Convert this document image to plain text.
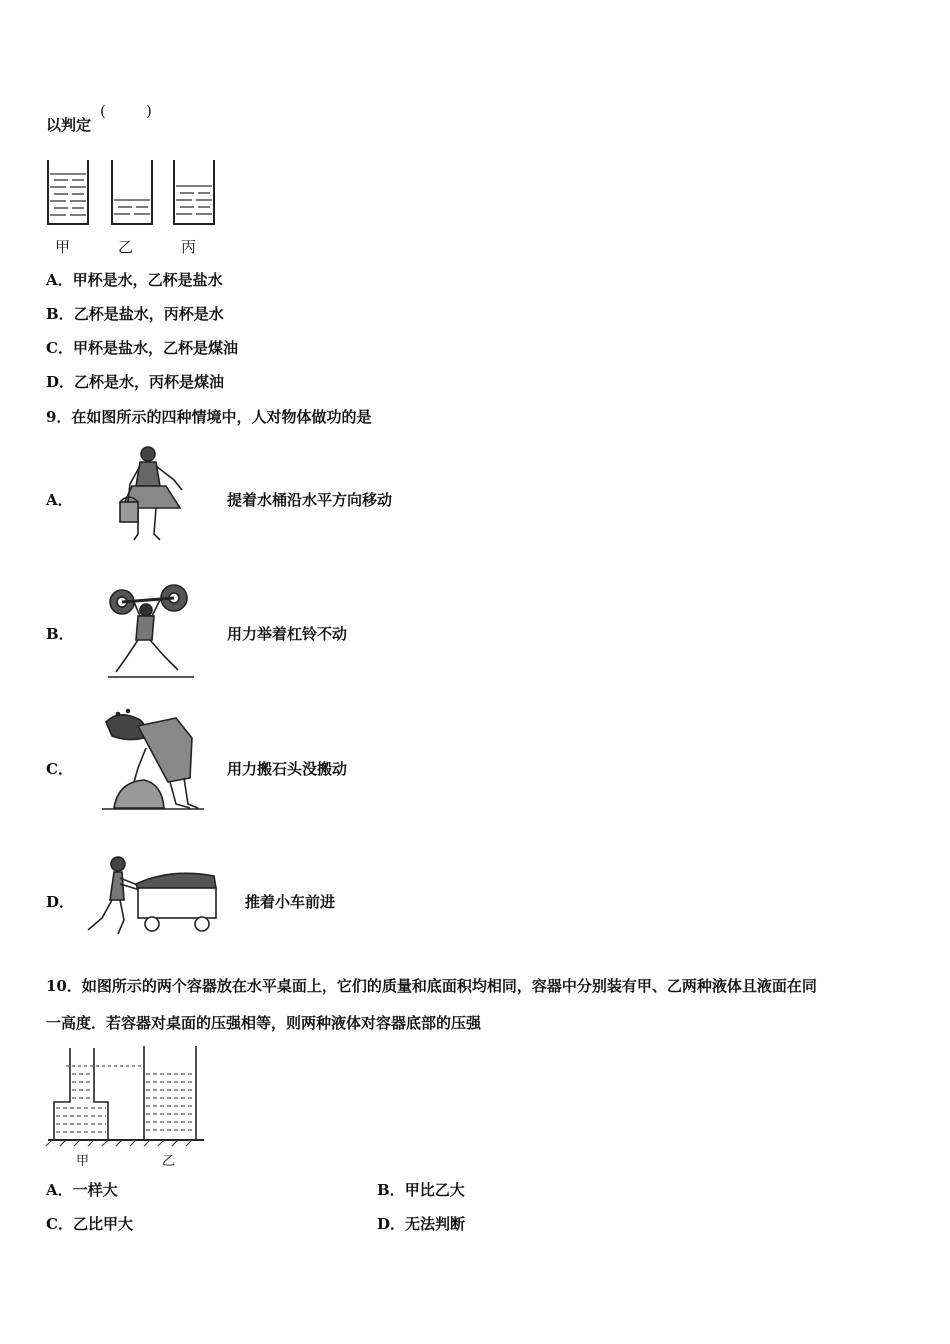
以判定
(	)
甲	乙	丙
A．甲杯是水，乙杯是盐水
B．乙杯是盐水，丙杯是水
C．甲杯是盐水，乙杯是煤油
D．乙杯是水，丙杯是煤油
9．在如图所示的四种情境中，人对物体做功的是
A．	提着水桶沿水平方向移动
B．	用力举着杠铃不动
C．	用力搬石头没搬动
D．	推着小车前进
10．如图所示的两个容器放在水平桌面上，它们的质量和底面积均相同，容器中分别装有甲、乙两种液体且液面在同
一高度．若容器对桌面的压强相等，则两种液体对容器底部的压强
甲	乙
A．一样大	B．甲比乙大
C．乙比甲大	D．无法判断
